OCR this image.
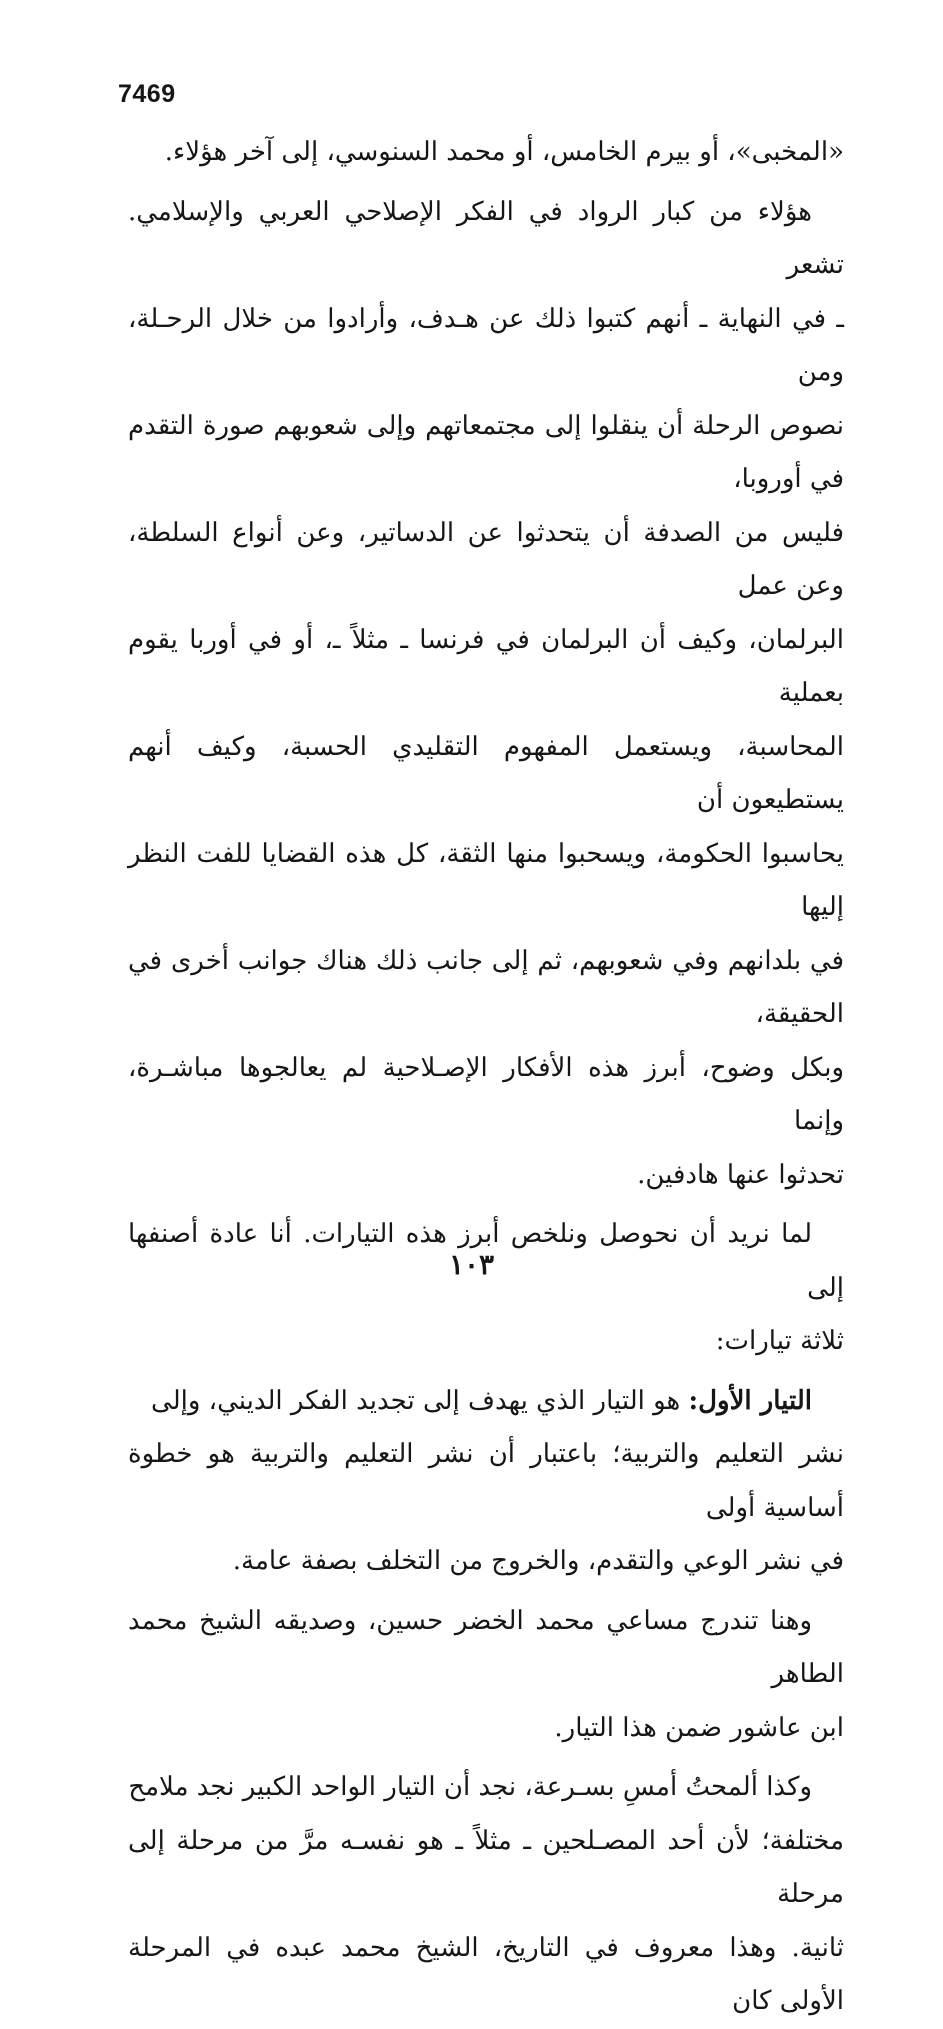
7469

«المخبى»، أو بيرم الخامس، أو محمد السنوسي، إلى آخر هؤلاء.

هؤلاء من كبار الرواد في الفكر الإصلاحي العربي والإسلامي. تشعر
ـ في النهاية ـ أنهم كتبوا ذلك عن هـدف، وأرادوا من خلال الرحـلة، ومن
نصوص الرحلة أن ينقلوا إلى مجتمعاتهم وإلى شعوبهم صورة التقدم في أوروبا،
فليس من الصدفة أن يتحدثوا عن الدساتير، وعن أنواع السلطة، وعن عمل
البرلمان، وكيف أن البرلمان في فرنسا ـ مثلاً ـ، أو في أوربا يقوم بعملية
المحاسبة، ويستعمل المفهوم التقليدي الحسبة، وكيف أنهم يستطيعون أن
يحاسبوا الحكومة، ويسحبوا منها الثقة، كل هذه القضايا للفت النظر إليها
في بلدانهم وفي شعوبهم، ثم إلى جانب ذلك هناك جوانب أخرى في الحقيقة،
وبكل وضوح، أبرز هذه الأفكار الإصـلاحية لم يعالجوها مباشـرة، وإنما
تحدثوا عنها هادفين.

لما نريد أن نحوصل ونلخص أبرز هذه التيارات. أنا عادة أصنفها إلى
ثلاثة تيارات:

التيار الأول: هو التيار الذي يهدف إلى تجديد الفكر الديني، وإلى
نشر التعليم والتربية؛ باعتبار أن نشر التعليم والتربية هو خطوة أساسية أولى
في نشر الوعي والتقدم، والخروج من التخلف بصفة عامة.

وهنا تندرج مساعي محمد الخضر حسين، وصديقه الشيخ محمد الطاهر
ابن عاشور ضمن هذا التيار.

وكذا ألمحتُ أمسِ بسـرعة، نجد أن التيار الواحد الكبير نجد ملامح
مختلفة؛ لأن أحد المصـلحين ـ مثلاً ـ هو نفسـه مرَّ من مرحلة إلى مرحلة
ثانية. وهذا معروف في التاريخ، الشيخ محمد عبده في المرحلة الأولى كان

١٠٣
